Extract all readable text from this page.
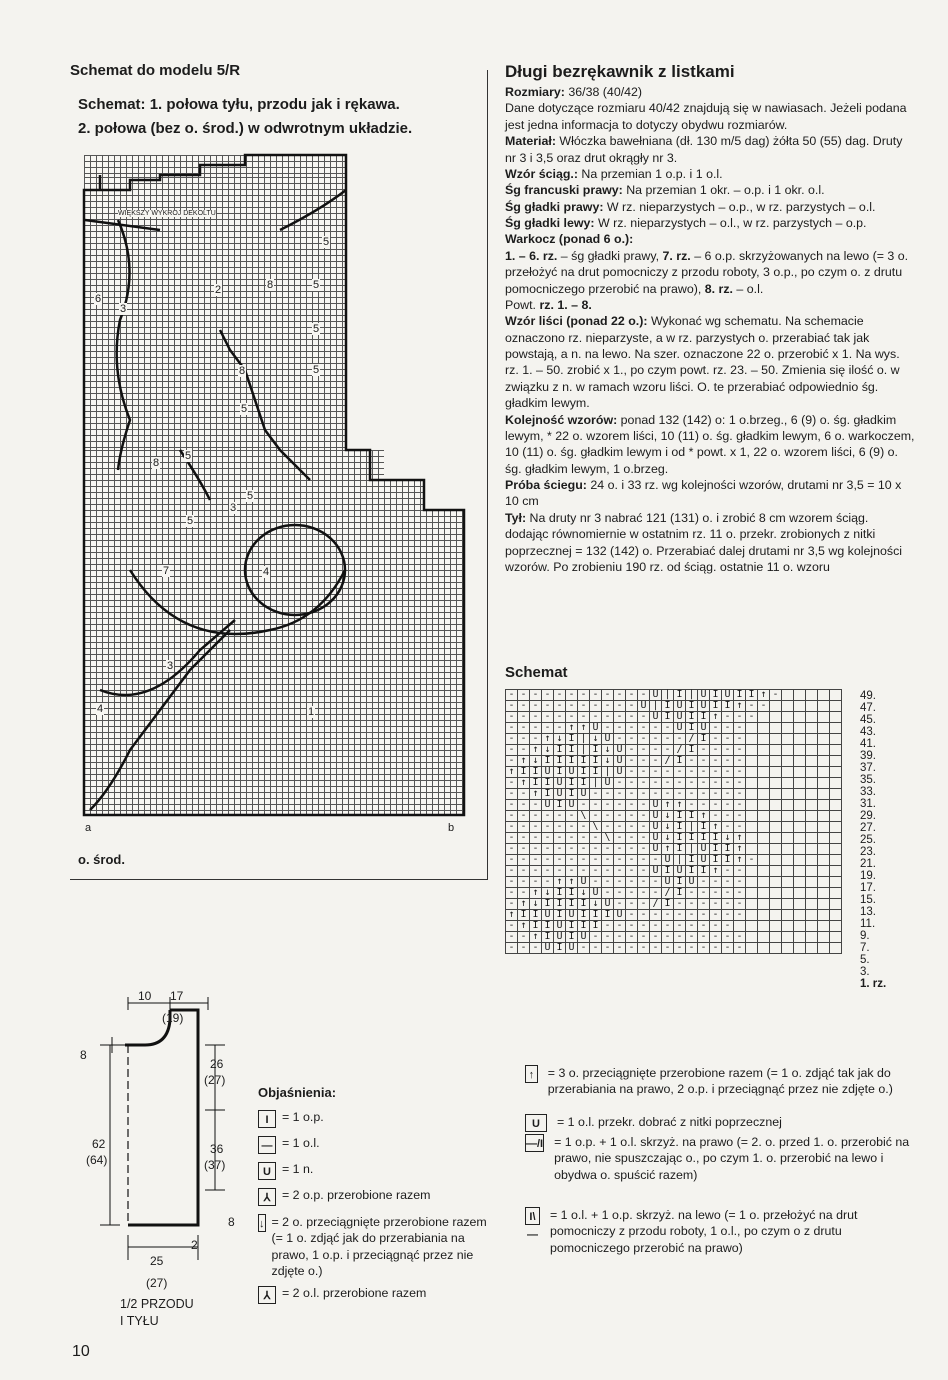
Schemat do modelu 5/R
Schemat: 1. połowa tyłu, przodu jak i rękawa.
2. połowa (bez o. środ.) w odwrotnym układzie.
WIĘKSZY WYKROJ DEKOLTU
5
2	8	5
6
3
5
8	5
5
8
5
5
3
5
7	4
3
1
4
a	b
o. środ.
10 17
(19)
8
26
(27)
62
(64)
36
(37)
8
2
25
(27)
1/2 PRZODU
I TYŁU
10
Objaśnienia:
I	= 1 o.p.
— = 1 o.l.
U = 1 n.
⅄ = 2 o.p. przerobione razem
↓ = 2 o. przeciągnięte przerobione razem (= 1 o. zdjąć jak do przerabiania na prawo, 1 o.p. i przeciągnąć przez nie zdjęte o.)
⅄ = 2 o.l. przerobione razem
Długi bezrękawnik z listkami

Rozmiary: 36/38 (40/42)

Dane dotyczące rozmiaru 40/42 znajdują się w nawiasach. Jeżeli podana jest jedna informacja to dotyczy obydwu rozmiarów.

Materiał: Włóczka bawełniana (dł. 130 m/5 dag) żółta 50 (55) dag. Druty nr 3 i 3,5 oraz drut okrągły nr 3.

Wzór ściąg.: Na przemian 1 o.p. i 1 o.l.

Śg francuski prawy: Na przemian 1 okr. – o.p. i 1 okr. o.l.

Śg gładki prawy: W rz. nieparzystych – o.p., w rz. parzystych – o.l.

Śg gładki lewy: W rz. nieparzystych – o.l., w rz. parzystych – o.p.

Warkocz (ponad 6 o.):

1. – 6. rz. – śg gładki prawy, 7. rz. – 6 o.p. skrzyżowanych na lewo (= 3 o. przełożyć na drut pomocniczy z przodu roboty, 3 o.p., po czym o. z drutu pomocniczego przerobić na prawo), 8. rz. – o.l.

Powt. rz. 1. – 8.

Wzór liści (ponad 22 o.): Wykonać wg schematu. Na schemacie oznaczono rz. nieparzyste, a w rz. parzystych o. przerabiać tak jak powstają, a n. na lewo. Na szer. oznaczone 22 o. przerobić x 1. Na wys. rz. 1. – 50. zrobić x 1., po czym powt. rz. 23. – 50. Zmienia się ilość o. w związku z n. w ramach wzoru liści. O. te przerabiać odpowiednio śg. gładkim lewym.

Kolejność wzorów: ponad 132 (142) o: 1 o.brzeg., 6 (9) o. śg. gładkim lewym, * 22 o. wzorem liści, 10 (11) o. śg. gładkim lewym, 6 o. warkoczem, 10 (11) o. śg. gładkim lewym i od * powt. x 1, 22 o. wzorem liści, 6 (9) o. śg. gładkim lewym, 1 o.brzeg.

Próba ściegu: 24 o. i 33 rz. wg kolejności wzorów, drutami nr 3,5 = 10 x 10 cm

Tył: Na druty nr 3 nabrać 121 (131) o. i zrobić 8 cm wzorem ściąg. dodając równomiernie w ostatnim rz. 11 o. przekr. zrobionych z nitki poprzecznej = 132 (142) o. Przerabiać dalej drutami nr 3,5 wg kolejności wzorów. Po zrobieniu 190 rz. od ściąg. ostatnie 11 o. wzoru

Schemat
-	-	-	-	-	-	-	-	-	-	-	-	U	|	I	|	U	I	U	I	I	↑	-					
-	-	-	-	-	-	-	-	-	-	-	U	|	I	U	I	U	I	I	↑	-	-						
-	-	-	-	-	-	-	-	-	-	-	-	U	I	U	I	I	↑	-	-	-							
-	-	-	-	-	↑	↑	U	-	-	-	-	-	-	U	I	U	-	-	-								
-	-	-	↑	↓	I	|	↓	U	-	-	-	-	-	-	/	I	-	-	-								
-	-	↑	↓	I	I	|	I	↓	U	-	-	-	-	/	I	-	-	-	-								
-	↑	↓	I	I	I	I	I	↓	U	-	-	-	/	I	-	-	-	-	-								
↑	I	I	U	I	U	I	I	|	U	-	-	-	-	-	-	-	-	-	-								
-	↑	I	I	U	I	I	|	U	-	-	-	-	-	-	-	-	-	-	-								
-	-	↑	I	U	I	U	-	-	-	-	-	-	-	-	-	-	-	-	-								
-	-	-	U	I	U	-	-	-	-	-	-	U	↑	↑	-	-	-	-	-								
-	-	-	-	-	-	\	-	-	-	-	-	U	↓	I	I	↑	-	-	-								
-	-	-	-	-	-	-	\	-	-	-	-	U	↓	I	|	I	↑	-	-								
-	-	-	-	-	-	-	-	\	-	-	-	U	↓	I	I	I	I	↓	↑								
-	-	-	-	-	-	-	-	-	-	-	-	U	↑	I	|	U	I	I	↑								
-	-	-	-	-	-	-	-	-	-	-	-	-	U	|	I	U	I	I	↑	-							
-	-	-	-	-	-	-	-	-	-	-	-	U	I	U	I	I	↑	-	-								
-	-	-	-	↑	↑	U	-	-	-	-	-	-	U	I	U	-	-	-	-								
-	-	↑	↓	I	I	↓	U	-	-	-	-	-	/	I	-	-	-	-	-								
-	↑	↓	I	I	I	I	↓	U	-	-	-	/	I	-	-	-	-	-	-								
↑	I	I	U	I	U	I	I	I	U	-	-	-	-	-	-	-	-	-	-								
-	↑	I	I	U	I	I	I	-	-	-	-	-	-	-	-	-	-	-									
-	-	↑	I	U	I	U	-	-	-	-	-	-	-	-	-	-	-	-	-								
-	-	-	U	I	U	-	-	-	-	-	-	-	-	-	-	-	-	-	-								
49.
47.
45.
43.
41.
39.
37.
35.
33.
31.
29.
27.
25.
23.
21.
19.
17.
15.
13.
11.
9.
7.
5.
3.
1. rz.
↑ = 3 o. przeciągnięte przerobione razem (= 1 o. zdjąć tak jak do przerabiania na prawo, 2 o.p. i przeciągnąć przez nie zdjęte o.)
U	= 1 o.l. przekr. dobrać z nitki poprzecznej
—/I = 1 o.p. + 1 o.l. skrzyż. na prawo (= 2. o. przed 1. o. przerobić na prawo, nie spuszczając o., po czym 1. o. przerobić na lewo i obydwa o. spuścić razem)
I\—
= 1 o.l. + 1 o.p. skrzyż. na lewo (= 1 o. przełożyć na drut pomocniczy z przodu roboty, 1 o.l., po czym o z drutu pomocniczego przerobić na prawo)
